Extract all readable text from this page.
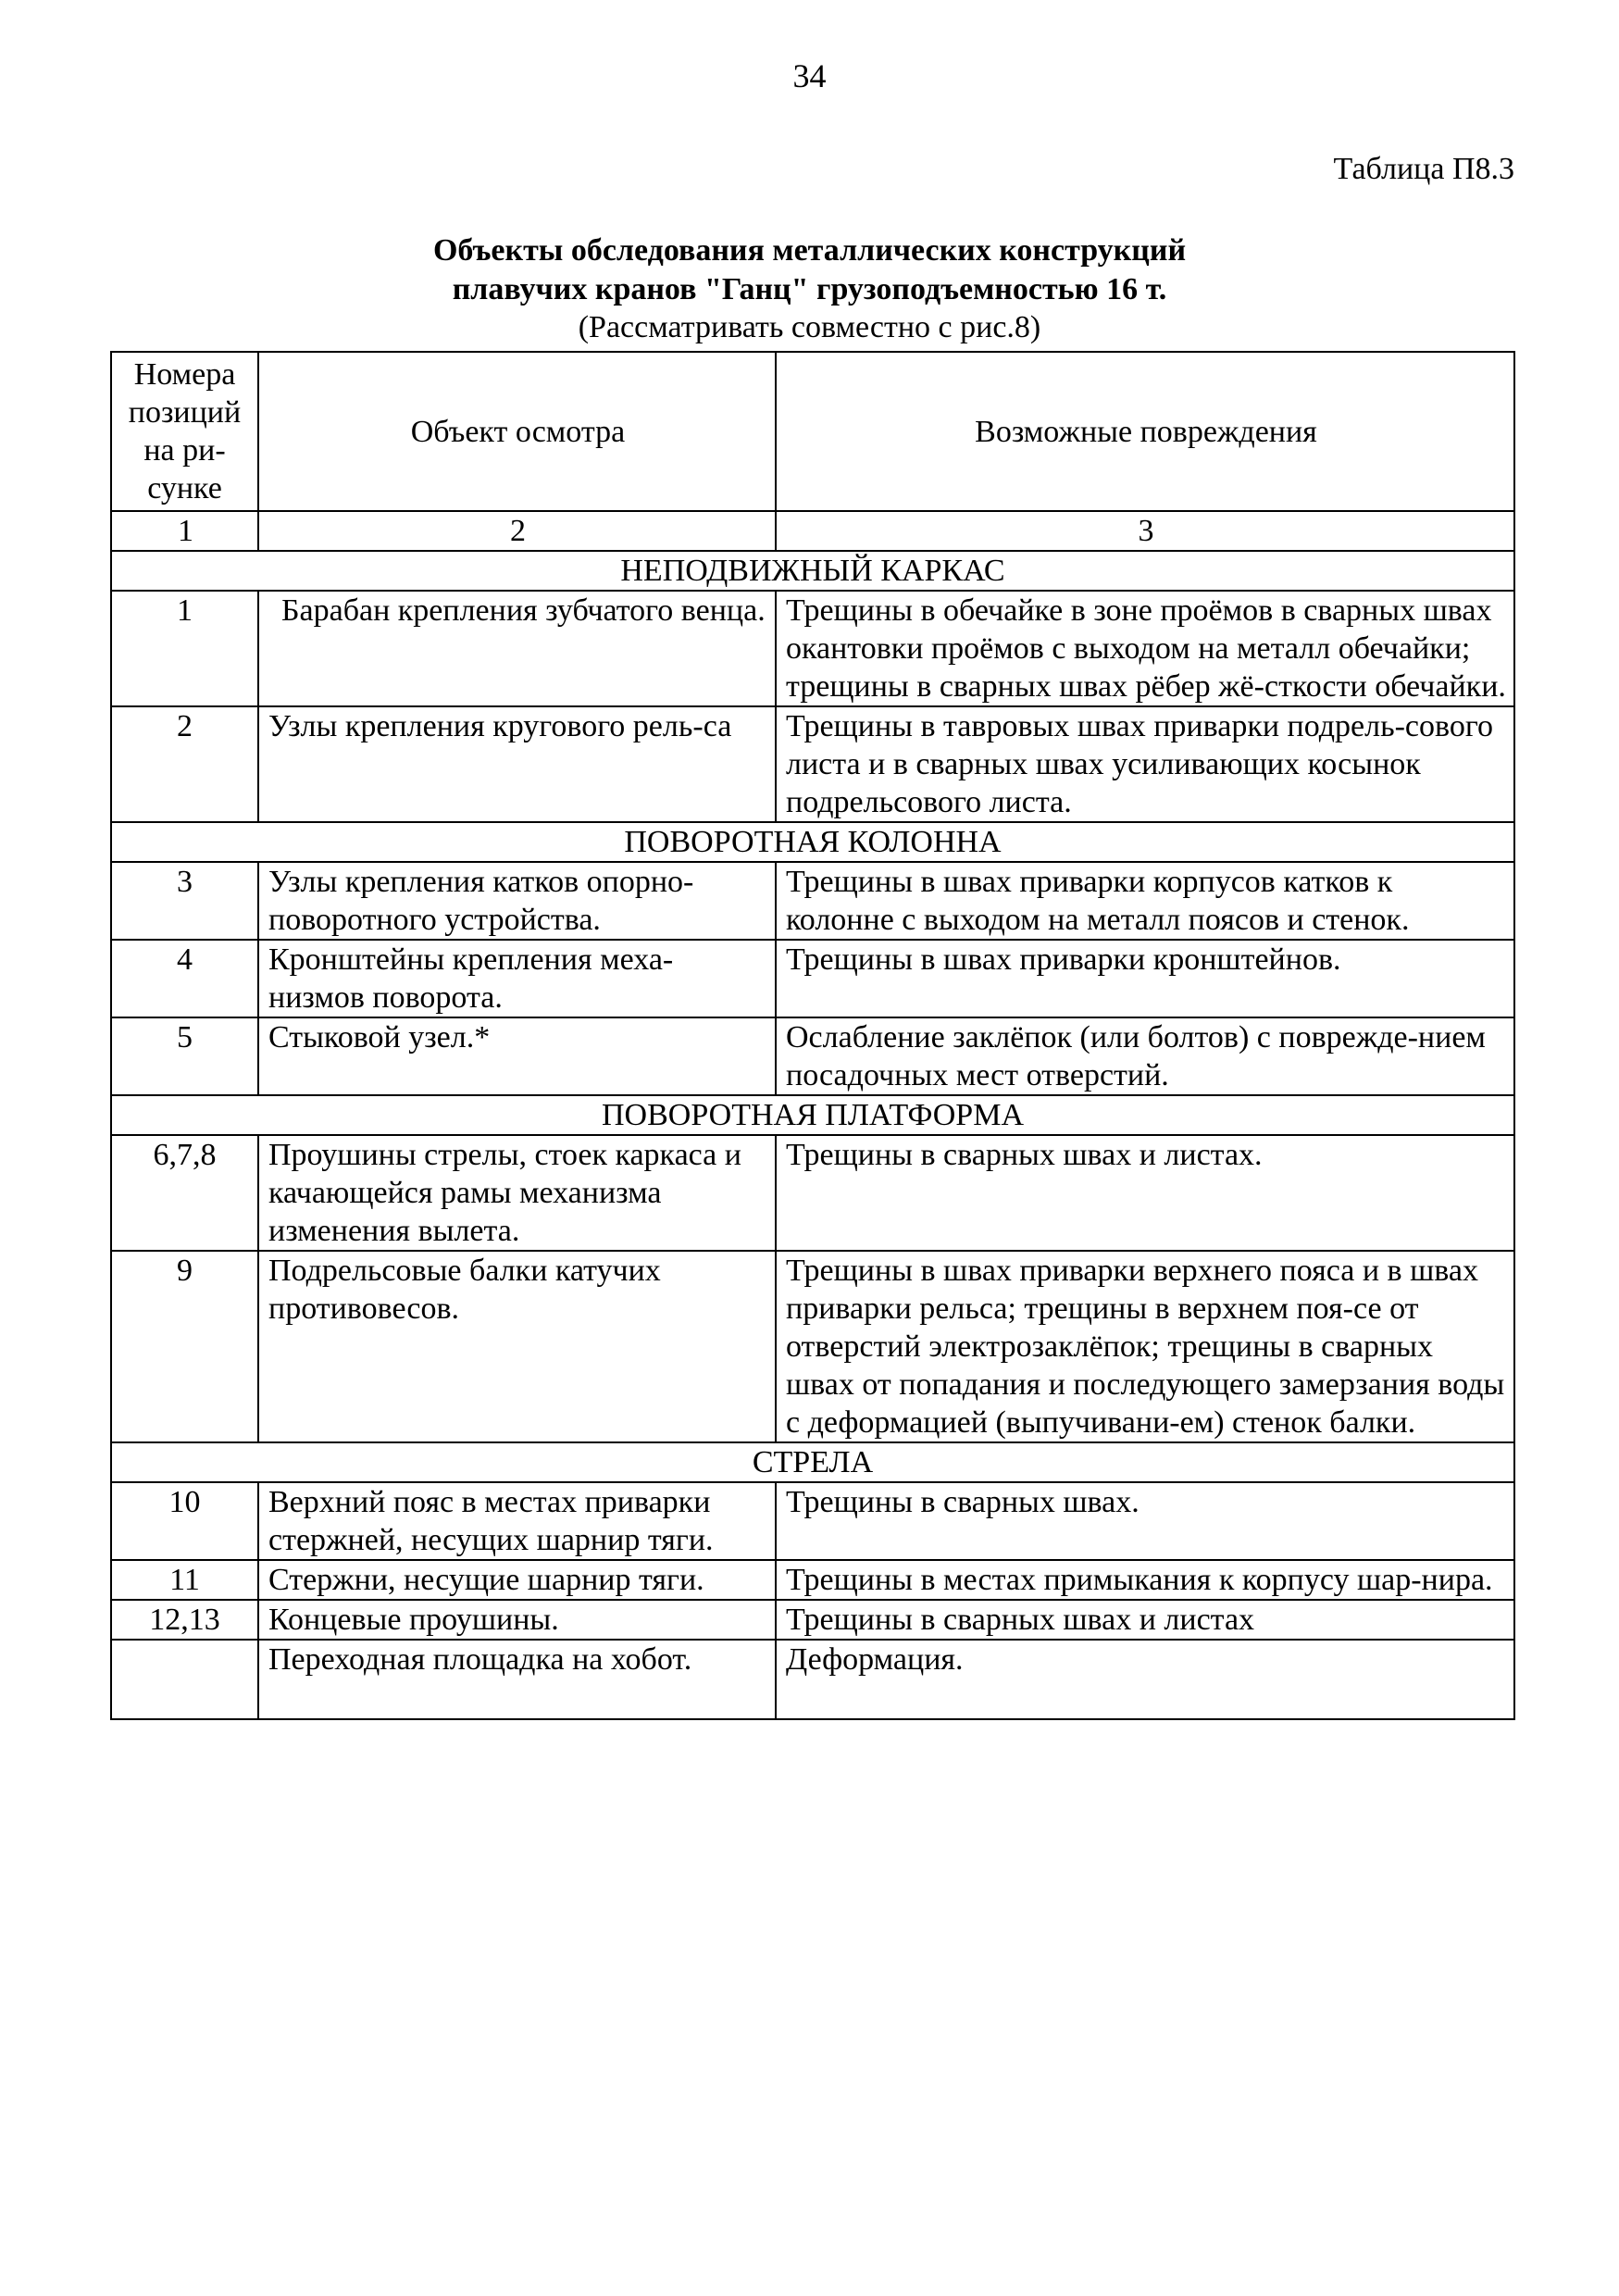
34
Таблица П8.3
Объекты обследования металлических конструкций
плавучих кранов "Ганц" грузоподъемностью 16 т.
(Рассматривать совместно с рис.8)
Номера позиций на ри-сунке	Объект осмотра	Возможные повреждения
1	2	3
НЕПОДВИЖНЫЙ КАРКАС		
1	Барабан крепления зубчатого венца.	Трещины в обечайке в зоне проёмов в сварных швах окантовки проёмов с выходом на металл обечайки; трещины в сварных швах рёбер жё-сткости обечайки.
2	Узлы крепления кругового рель-са	Трещины в тавровых швах приварки подрель-сового листа и в сварных швах усиливающих косынок подрельсового листа.
ПОВОРОТНАЯ КОЛОННА		
3	Узлы крепления катков опорно-поворотного устройства.	Трещины в швах приварки корпусов катков к колонне с выходом на металл поясов и стенок.
4	Кронштейны крепления меха-низмов поворота.	Трещины в швах приварки кронштейнов.
5	Стыковой узел.*	Ослабление заклёпок (или болтов) с поврежде-нием посадочных мест отверстий.
ПОВОРОТНАЯ ПЛАТФОРМА		
6,7,8	Проушины стрелы, стоек каркаса и качающейся рамы механизма изменения вылета.	Трещины в сварных швах и листах.
9	Подрельсовые балки катучих противовесов.	Трещины в швах приварки верхнего пояса и в швах приварки рельса; трещины в верхнем поя-се от отверстий электрозаклёпок; трещины в сварных швах от попадания и последующего замерзания воды с деформацией (выпучивани-ем) стенок балки.
СТРЕЛА		
10	Верхний пояс в местах приварки стержней, несущих шарнир тяги.	Трещины в сварных швах.
11	Стержни, несущие шарнир тяги.	Трещины в местах примыкания к корпусу шар-нира.
12,13	Концевые проушины.	Трещины в сварных швах и листах
	Переходная площадка на хобот.	Деформация.
